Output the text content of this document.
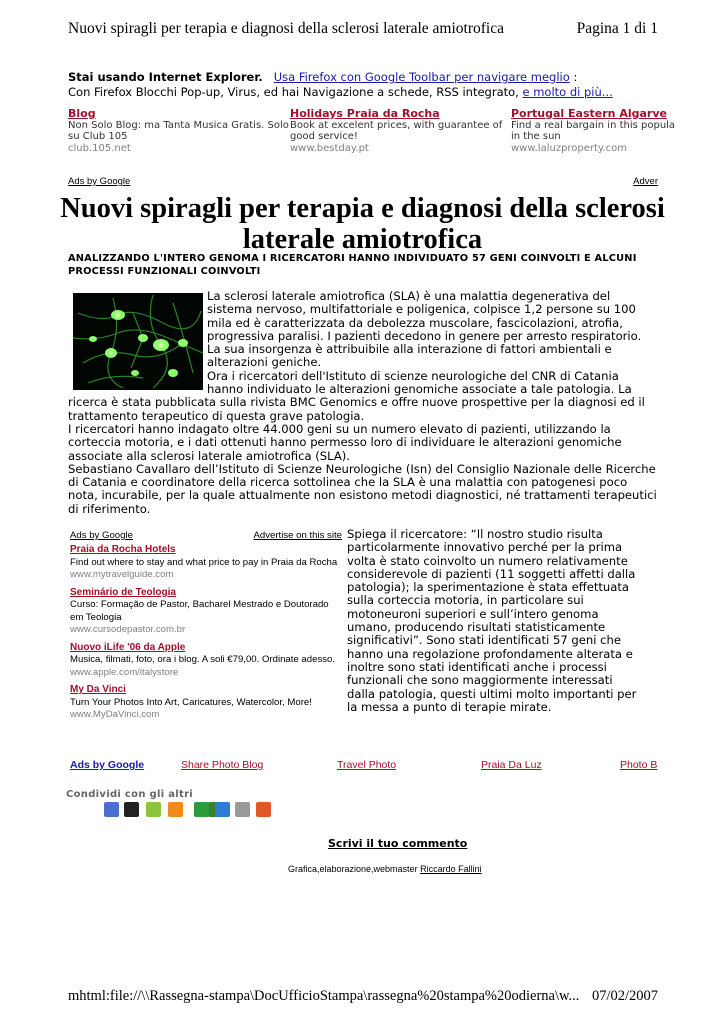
Nuovi spiragli per terapia e diagnosi della sclerosi laterale amiotrofica	Pagina 1 di 1
Stai usando Internet Explorer. Usa Firefox con Google Toolbar per navigare meglio :
Con Firefox Blocchi Pop-up, Virus, ed hai Navigazione a schede, RSS integrato, e molto di più...
Blog
Non Solo Blog: ma Tanta Musica Gratis. Solo
su Club 105
club.105.net
Holidays Praia da Rocha
Book at excelent prices, with guarantee of
good service!
www.bestday.pt
Portugal Eastern Algarve
Find a real bargain in this popula
in the sun
www.laluzproperty.com
Ads by Google	Adver
Nuovi spiragli per terapia e diagnosi della sclerosi laterale amiotrofica
ANALIZZANDO L'INTERO GENOMA I RICERCATORI HANNO INDIVIDUATO 57 GENI COINVOLTI E ALCUNI PROCESSI FUNZIONALI COINVOLTI

La sclerosi laterale amiotrofica (SLA) è una malattia degenerativa del sistema nervoso, multifattoriale e poligenica, colpisce 1,2 persone su 100 mila ed è caratterizzata da debolezza muscolare, fascicolazioni, atrofia, progressiva paralisi. I pazienti decedono in genere per arresto respiratorio.

La sua insorgenza è attribuibile alla interazione di fattori ambientali e alterazioni geniche.

Ora i ricercatori dell'Istituto di scienze neurologiche del CNR di Catania hanno individuato le alterazioni genomiche associate a tale patologia. La ricerca è stata pubblicata sulla rivista BMC Genomics e offre nuove prospettive per la diagnosi ed il trattamento terapeutico di questa grave patologia.

I ricercatori hanno indagato oltre 44.000 geni su un numero elevato di pazienti, utilizzando la corteccia motoria, e i dati ottenuti hanno permesso loro di individuare le alterazioni genomiche associate alla sclerosi laterale amiotrofica (SLA).

Sebastiano Cavallaro dell’Istituto di Scienze Neurologiche (Isn) del Consiglio Nazionale delle Ricerche di Catania e coordinatore della ricerca sottolinea che la SLA è una malattia con patogenesi poco nota, incurabile, per la quale attualmente non esistono metodi diagnostici, né trattamenti terapeutici di riferimento.

Ads by Google	Advertise on this site
Praia da Rocha Hotels
Find out where to stay and what price to pay in Praia da Rocha
www.mytravelguide.com
Seminário de Teologia
Curso: Formação de Pastor, Bacharel Mestrado e Doutorado em Teologia
www.cursodepastor.com.br
Nuovo iLife '06 da Apple
Musica, filmati, foto, ora i blog. A soli €79,00. Ordinate adesso.
www.apple.com/italystore
My Da Vinci
Turn Your Photos Into Art, Caricatures, Watercolor, More!
www.MyDaVinci.com
Spiega il ricercatore: “Il nostro studio risulta particolarmente innovativo perché per la prima volta è stato coinvolto un numero relativamente considerevole di pazienti (11 soggetti affetti dalla patologia); la sperimentazione è stata effettuata sulla corteccia motoria, in particolare sui motoneuroni superiori e sull’intero genoma umano, producendo risultati statisticamente significativi”. Sono stati identificati 57 geni che hanno una regolazione profondamente alterata e inoltre sono stati identificati anche i processi funzionali che sono maggiormente interessati dalla patologia, questi ultimi molto importanti per la messa a punto di terapie mirate.
Ads by Google	Share Photo Blog	Travel Photo	Praia Da Luz	Photo B
Condividi con gli altri
Scrivi il tuo commento
Grafica,elaborazione,webmaster Riccardo Fallini
mhtml:file://\\Rassegna-stampa\DocUfficioStampa\rassegna%20stampa%20odierna\w... 07/02/2007
